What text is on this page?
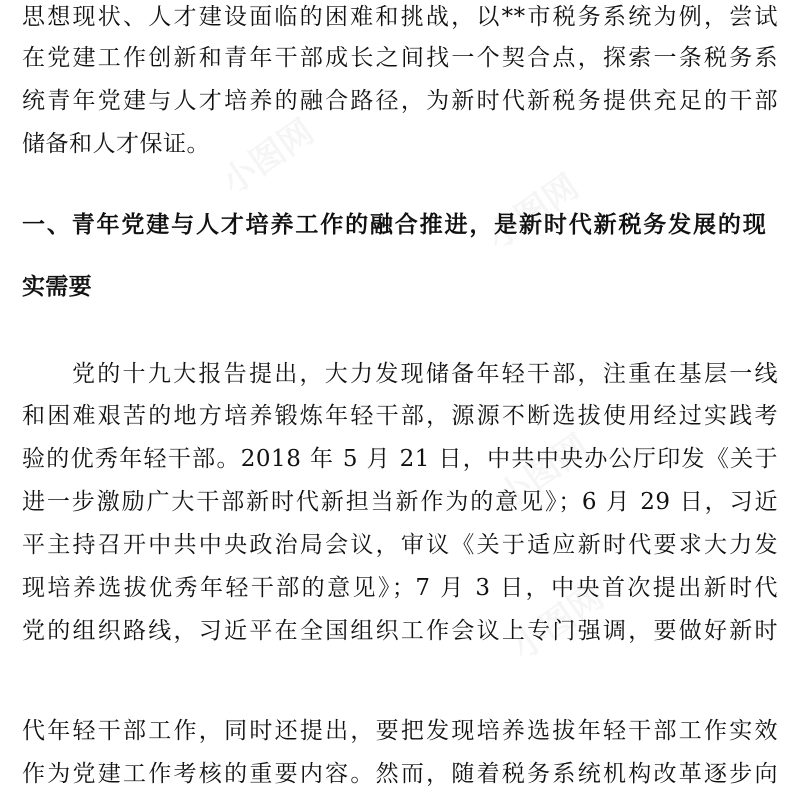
小图网
小图网
小图网
小图网
思想现状、人才建设面临的困难和挑战，以**市税务系统为例，尝试
在党建工作创新和青年干部成长之间找一个契合点，探索一条税务系
统青年党建与人才培养的融合路径，为新时代新税务提供充足的干部
储备和人才保证。
一、青年党建与人才培养工作的融合推进，是新时代新税务发展的现
实需要
党的十九大报告提出，大力发现储备年轻干部，注重在基层一线
和困难艰苦的地方培养锻炼年轻干部，源源不断选拔使用经过实践考
验的优秀年轻干部。2018 年 5 月 21 日，中共中央办公厅印发《关于
进一步激励广大干部新时代新担当新作为的意见》；6 月 29 日，习近
平主持召开中共中央政治局会议，审议《关于适应新时代要求大力发
现培养选拔优秀年轻干部的意见》；7 月 3 日，中央首次提出新时代
党的组织路线，习近平在全国组织工作会议上专门强调，要做好新时
代年轻干部工作，同时还提出，要把发现培养选拔年轻干部工作实效
作为党建工作考核的重要内容。然而，随着税务系统机构改革逐步向
